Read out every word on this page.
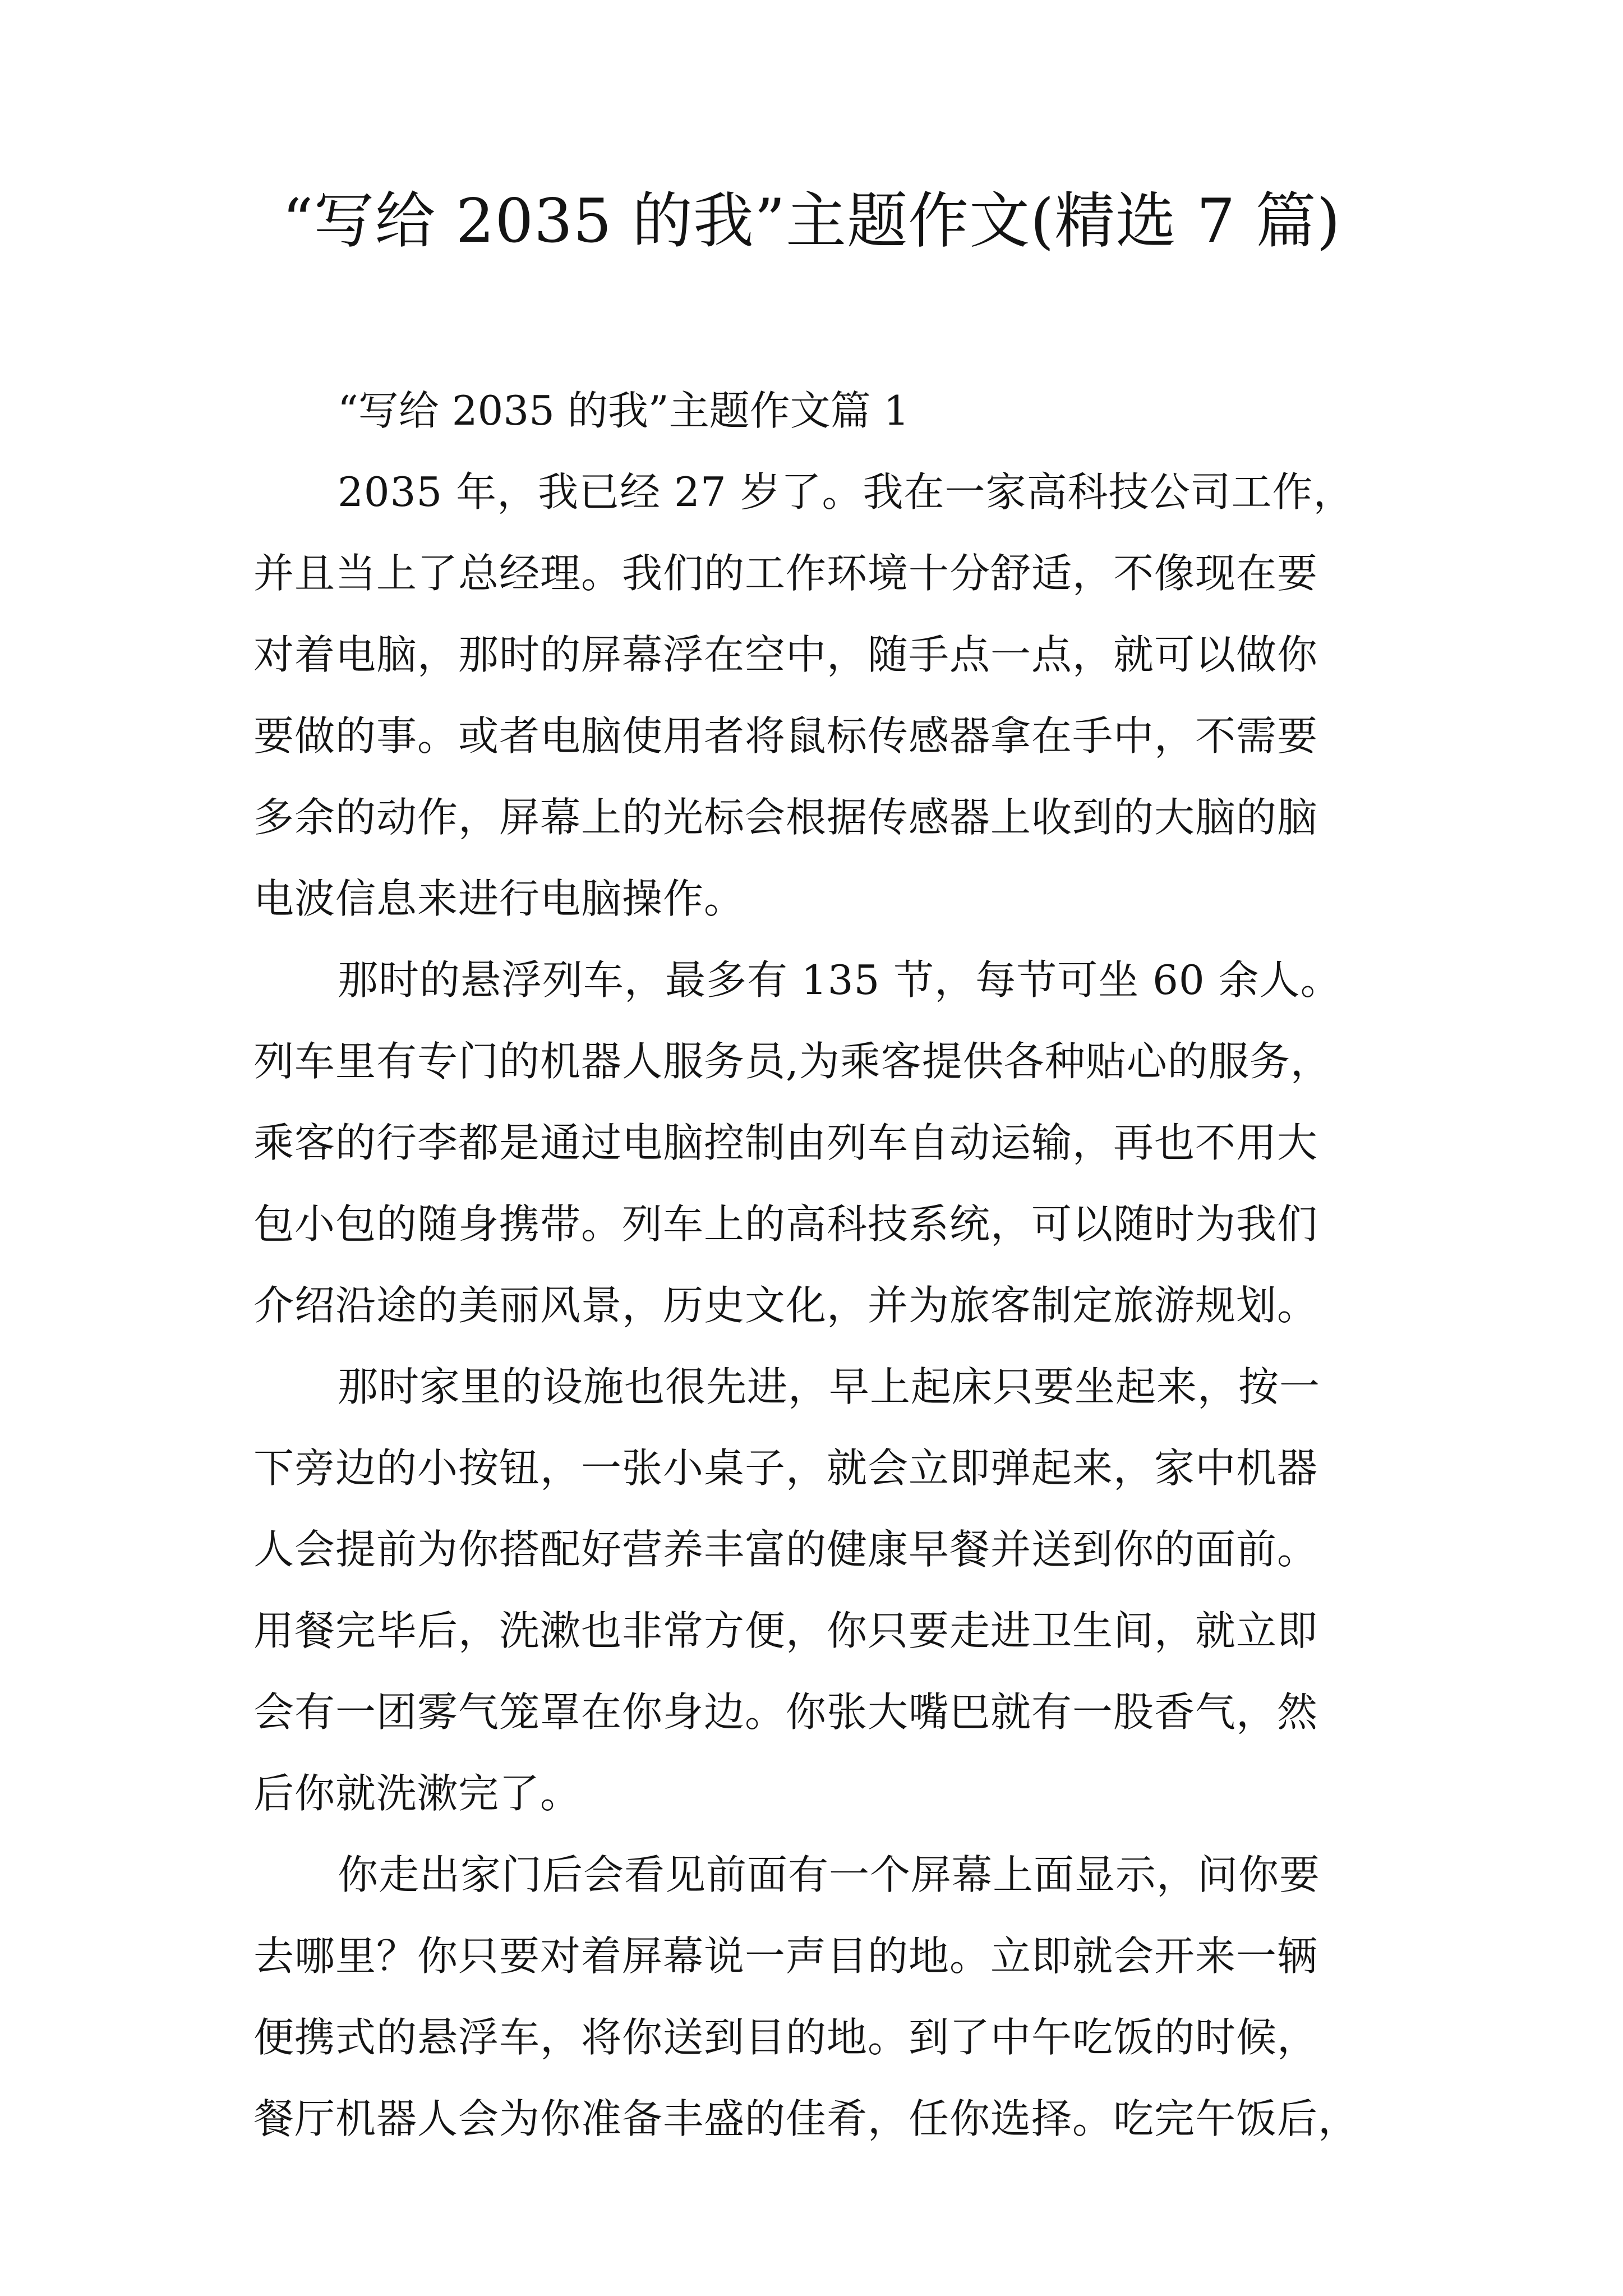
“写给 2035 的我”主题作文(精选 7 篇)

“写给 2035 的我”主题作文篇 1

2035 年，我已经 27 岁了。我在一家高科技公司工作，
并且当上了总经理。我们的工作环境十分舒适，不像现在要
对着电脑，那时的屏幕浮在空中，随手点一点，就可以做你
要做的事。或者电脑使用者将鼠标传感器拿在手中，不需要
多余的动作，屏幕上的光标会根据传感器上收到的大脑的脑
电波信息来进行电脑操作。

那时的悬浮列车，最多有 135 节，每节可坐 60 余人。
列车里有专门的机器人服务员,为乘客提供各种贴心的服务，
乘客的行李都是通过电脑控制由列车自动运输，再也不用大
包小包的随身携带。列车上的高科技系统，可以随时为我们
介绍沿途的美丽风景，历史文化，并为旅客制定旅游规划。

那时家里的设施也很先进，早上起床只要坐起来，按一
下旁边的小按钮，一张小桌子，就会立即弹起来，家中机器
人会提前为你搭配好营养丰富的健康早餐并送到你的面前。
用餐完毕后，洗漱也非常方便，你只要走进卫生间，就立即
会有一团雾气笼罩在你身边。你张大嘴巴就有一股香气，然
后你就洗漱完了。

你走出家门后会看见前面有一个屏幕上面显示，问你要
去哪里？你只要对着屏幕说一声目的地。立即就会开来一辆
便携式的悬浮车，将你送到目的地。到了中午吃饭的时候，
餐厅机器人会为你准备丰盛的佳肴，任你选择。吃完午饭后，
